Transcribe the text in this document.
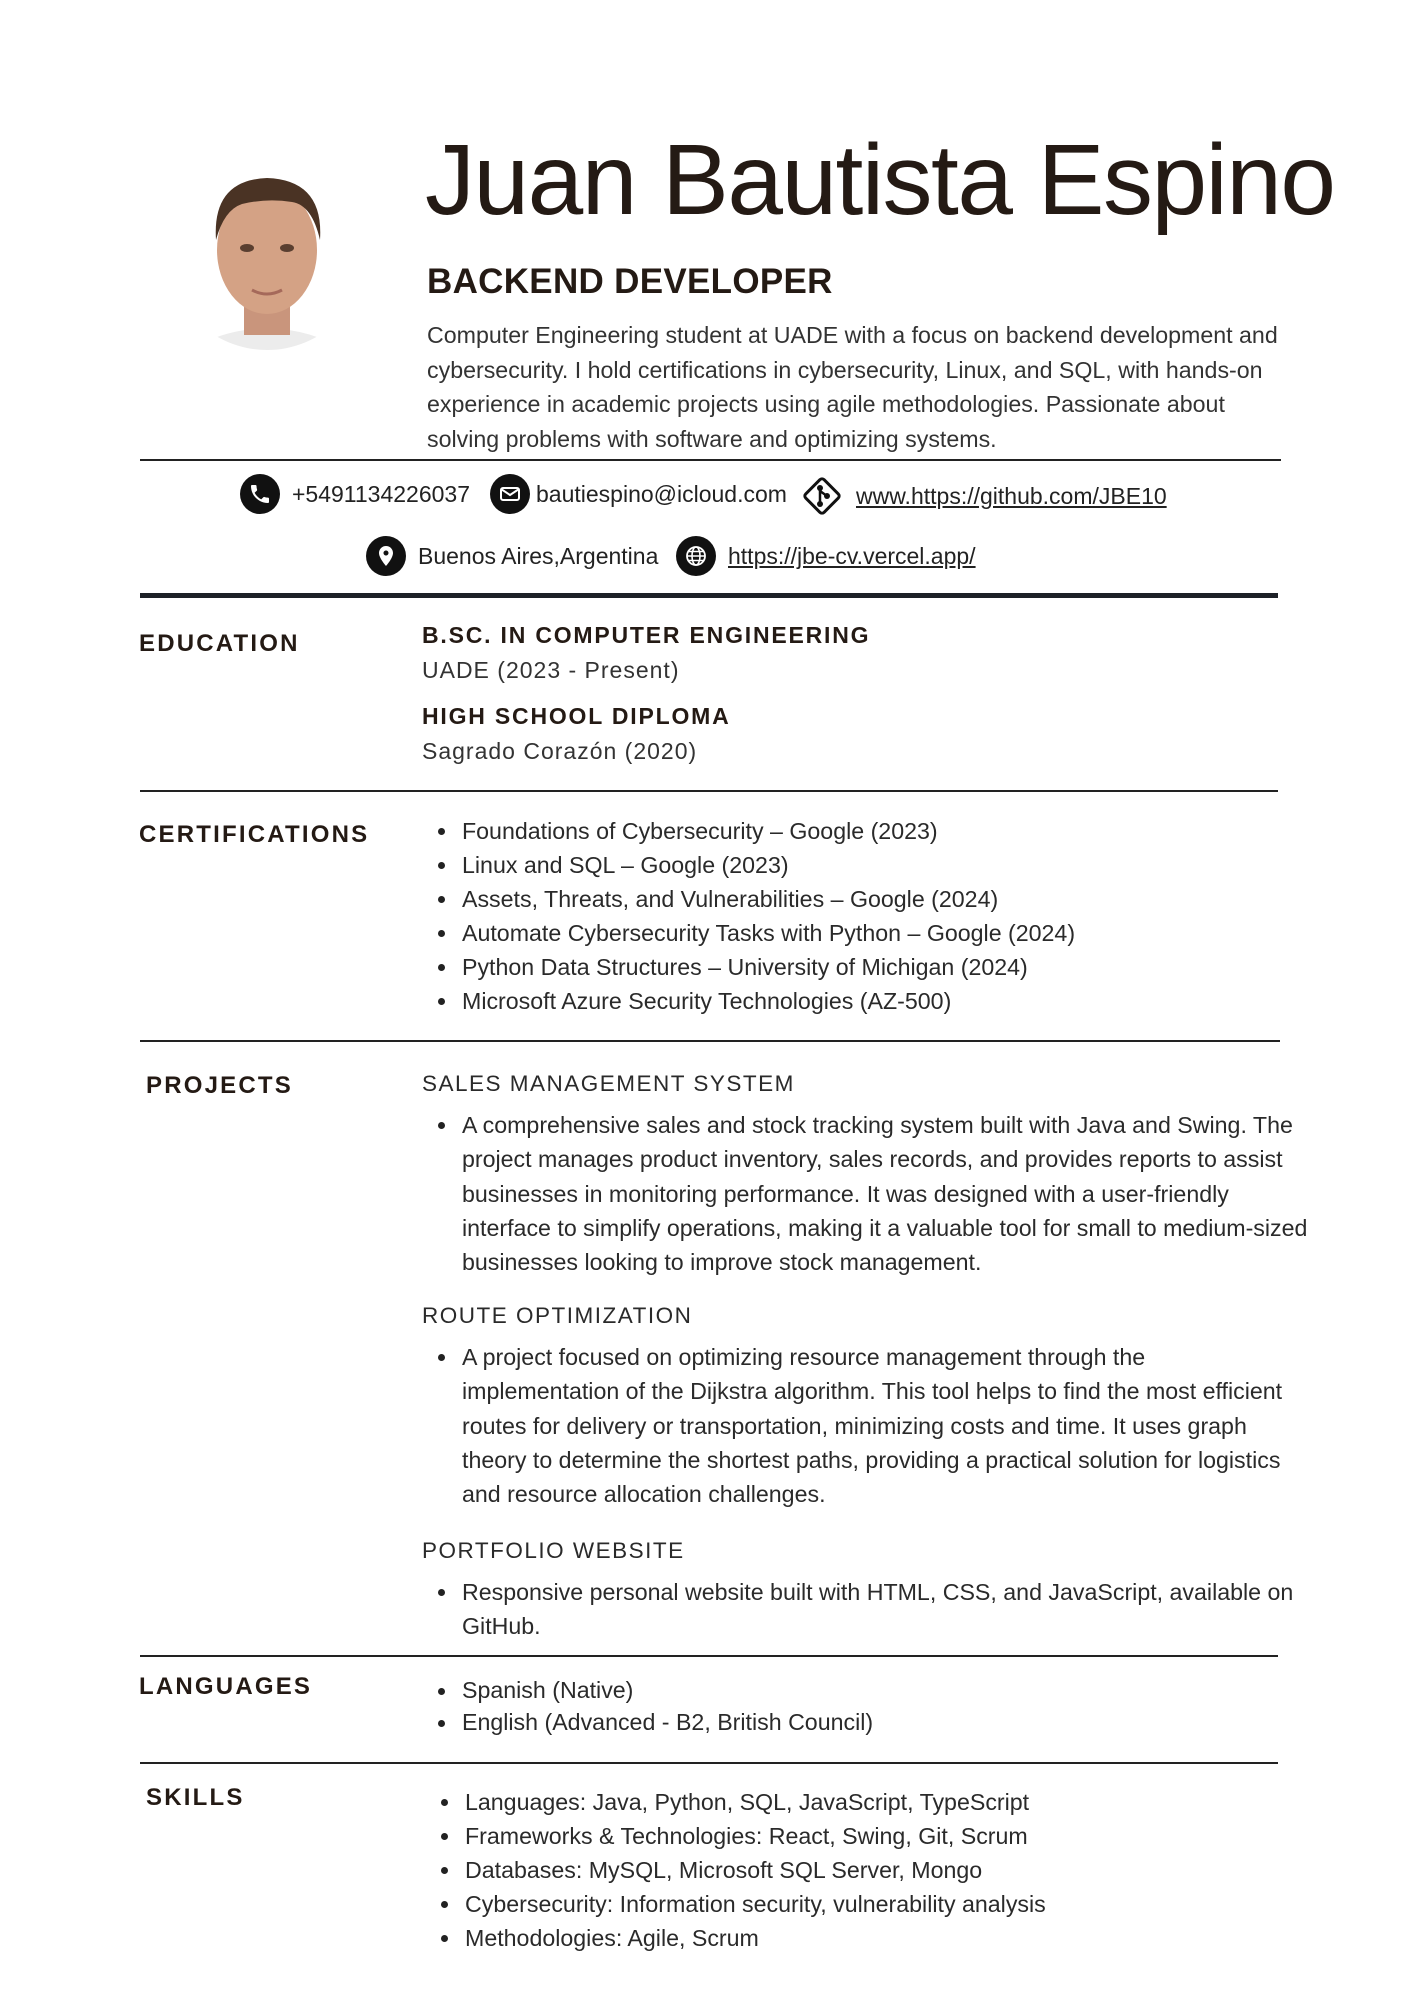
Juan Bautista Espino
BACKEND DEVELOPER
Computer Engineering student at UADE with a focus on backend development and cybersecurity. I hold certifications in cybersecurity, Linux, and SQL, with hands-on experience in academic projects using agile methodologies. Passionate about solving problems with software and optimizing systems.
+5491134226037	bautiespino@icloud.com	www.https://github.com/JBE10
Buenos Aires,Argentina	https://jbe-cv.vercel.app/
EDUCATION	B.SC. IN COMPUTER ENGINEERING
UADE (2023 - Present)
HIGH SCHOOL DIPLOMA
Sagrado Corazón (2020)
CERTIFICATIONS	Foundations of Cybersecurity – Google (2023)
Linux and SQL – Google (2023)
Assets, Threats, and Vulnerabilities – Google (2024)
Automate Cybersecurity Tasks with Python – Google (2024)
Python Data Structures – University of Michigan (2024)
Microsoft Azure Security Technologies (AZ-500)
PROJECTS	SALES MANAGEMENT SYSTEM
A comprehensive sales and stock tracking system built with Java and Swing. The project manages product inventory, sales records, and provides reports to assist businesses in monitoring performance. It was designed with a user-friendly interface to simplify operations, making it a valuable tool for small to medium-sized businesses looking to improve stock management.
ROUTE OPTIMIZATION
A project focused on optimizing resource management through the implementation of the Dijkstra algorithm. This tool helps to find the most efficient routes for delivery or transportation, minimizing costs and time. It uses graph theory to determine the shortest paths, providing a practical solution for logistics and resource allocation challenges.
PORTFOLIO WEBSITE
Responsive personal website built with HTML, CSS, and JavaScript, available on GitHub.
LANGUAGES	Spanish (Native)
English (Advanced - B2, British Council)
SKILLS	Languages: Java, Python, SQL, JavaScript, TypeScript
Frameworks & Technologies: React, Swing, Git, Scrum
Databases: MySQL, Microsoft SQL Server, Mongo
Cybersecurity: Information security, vulnerability analysis
Methodologies: Agile, Scrum
